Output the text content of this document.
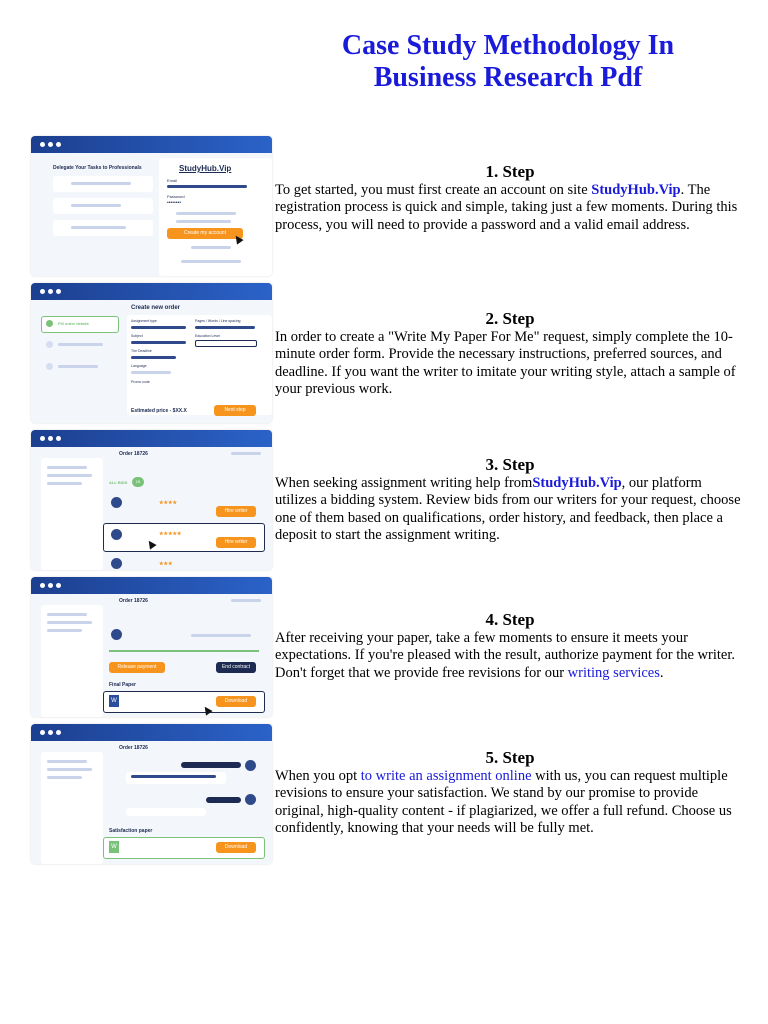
Case Study Methodology In Business Research Pdf
Delegate Your Tasks to Professionals	StudyHub.Vip
Email
Password
••••••••
Create my account
Create new order
Fill order details	Assignment type	Pages / Words / Line spacing
Subject	Education Level
The Deadline
Language
Promo code
Estimated price - $XX.X	Next step
Order 18726
ALL BIDS	15
★★★★
Hire writer
★★★★★
Hire writer
★★★
Order 18726
Release payment	End contract
Final Paper
W	Download
Order 18726
Satisfaction paper
W	Download
1. Step

To get started, you must first create an account on site StudyHub.Vip. The registration process is quick and simple, taking just a few moments. During this process, you will need to provide a password and a valid email address.

2. Step

In order to create a "Write My Paper For Me" request, simply complete the 10-minute order form. Provide the necessary instructions, preferred sources, and deadline. If you want the writer to imitate your writing style, attach a sample of your previous work.

3. Step

When seeking assignment writing help fromStudyHub.Vip, our platform utilizes a bidding system. Review bids from our writers for your request, choose one of them based on qualifications, order history, and feedback, then place a deposit to start the assignment writing.

4. Step

After receiving your paper, take a few moments to ensure it meets your expectations. If you're pleased with the result, authorize payment for the writer. Don't forget that we provide free revisions for our writing services.

5. Step

When you opt to write an assignment online with us, you can request multiple revisions to ensure your satisfaction. We stand by our promise to provide original, high-quality content - if plagiarized, we offer a full refund. Choose us confidently, knowing that your needs will be fully met.
